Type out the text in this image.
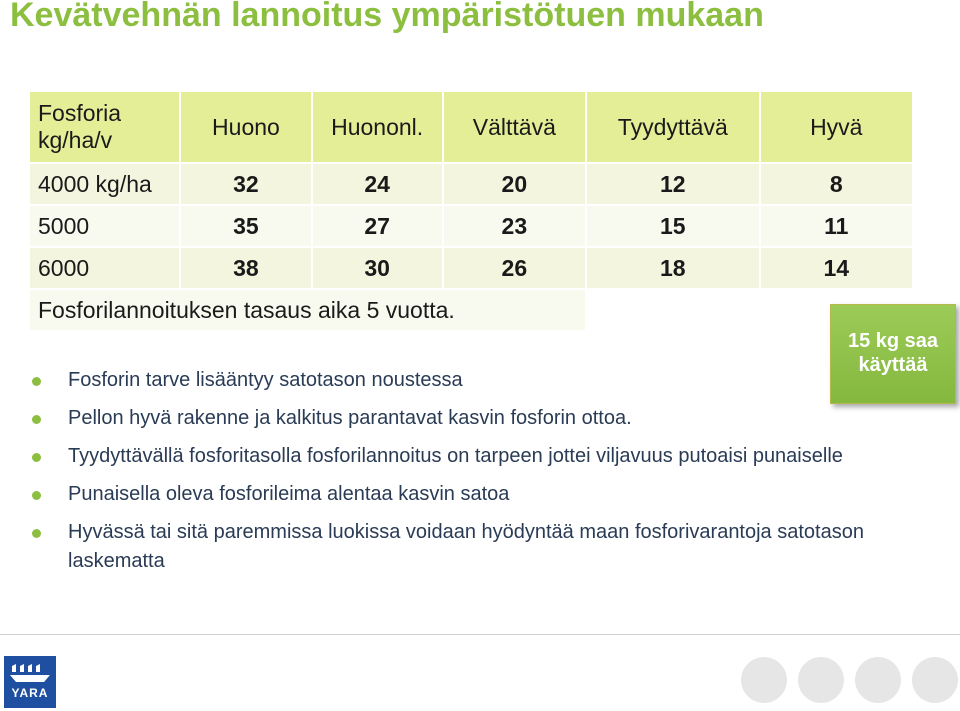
Kevätvehnän lannoitus ympäristötuen mukaan
Fosforia kg/ha/v	Huono	Huononl.	Välttävä	Tyydyttävä	Hyvä
4000 kg/ha	32	24	20	12	8
5000	35	27	23	15	11
6000	38	30	26	18	14
Fosforilannoituksen tasaus aika 5 vuotta.					
15 kg saa käyttää
Fosforin tarve lisääntyy satotason noustessa
Pellon hyvä rakenne ja kalkitus parantavat kasvin fosforin ottoa.
Tyydyttävällä fosforitasolla fosforilannoitus on tarpeen jottei viljavuus putoaisi punaiselle
Punaisella oleva fosforileima alentaa kasvin satoa
Hyvässä tai sitä paremmissa luokissa voidaan hyödyntää maan fosforivarantoja satotason laskematta
YARA
